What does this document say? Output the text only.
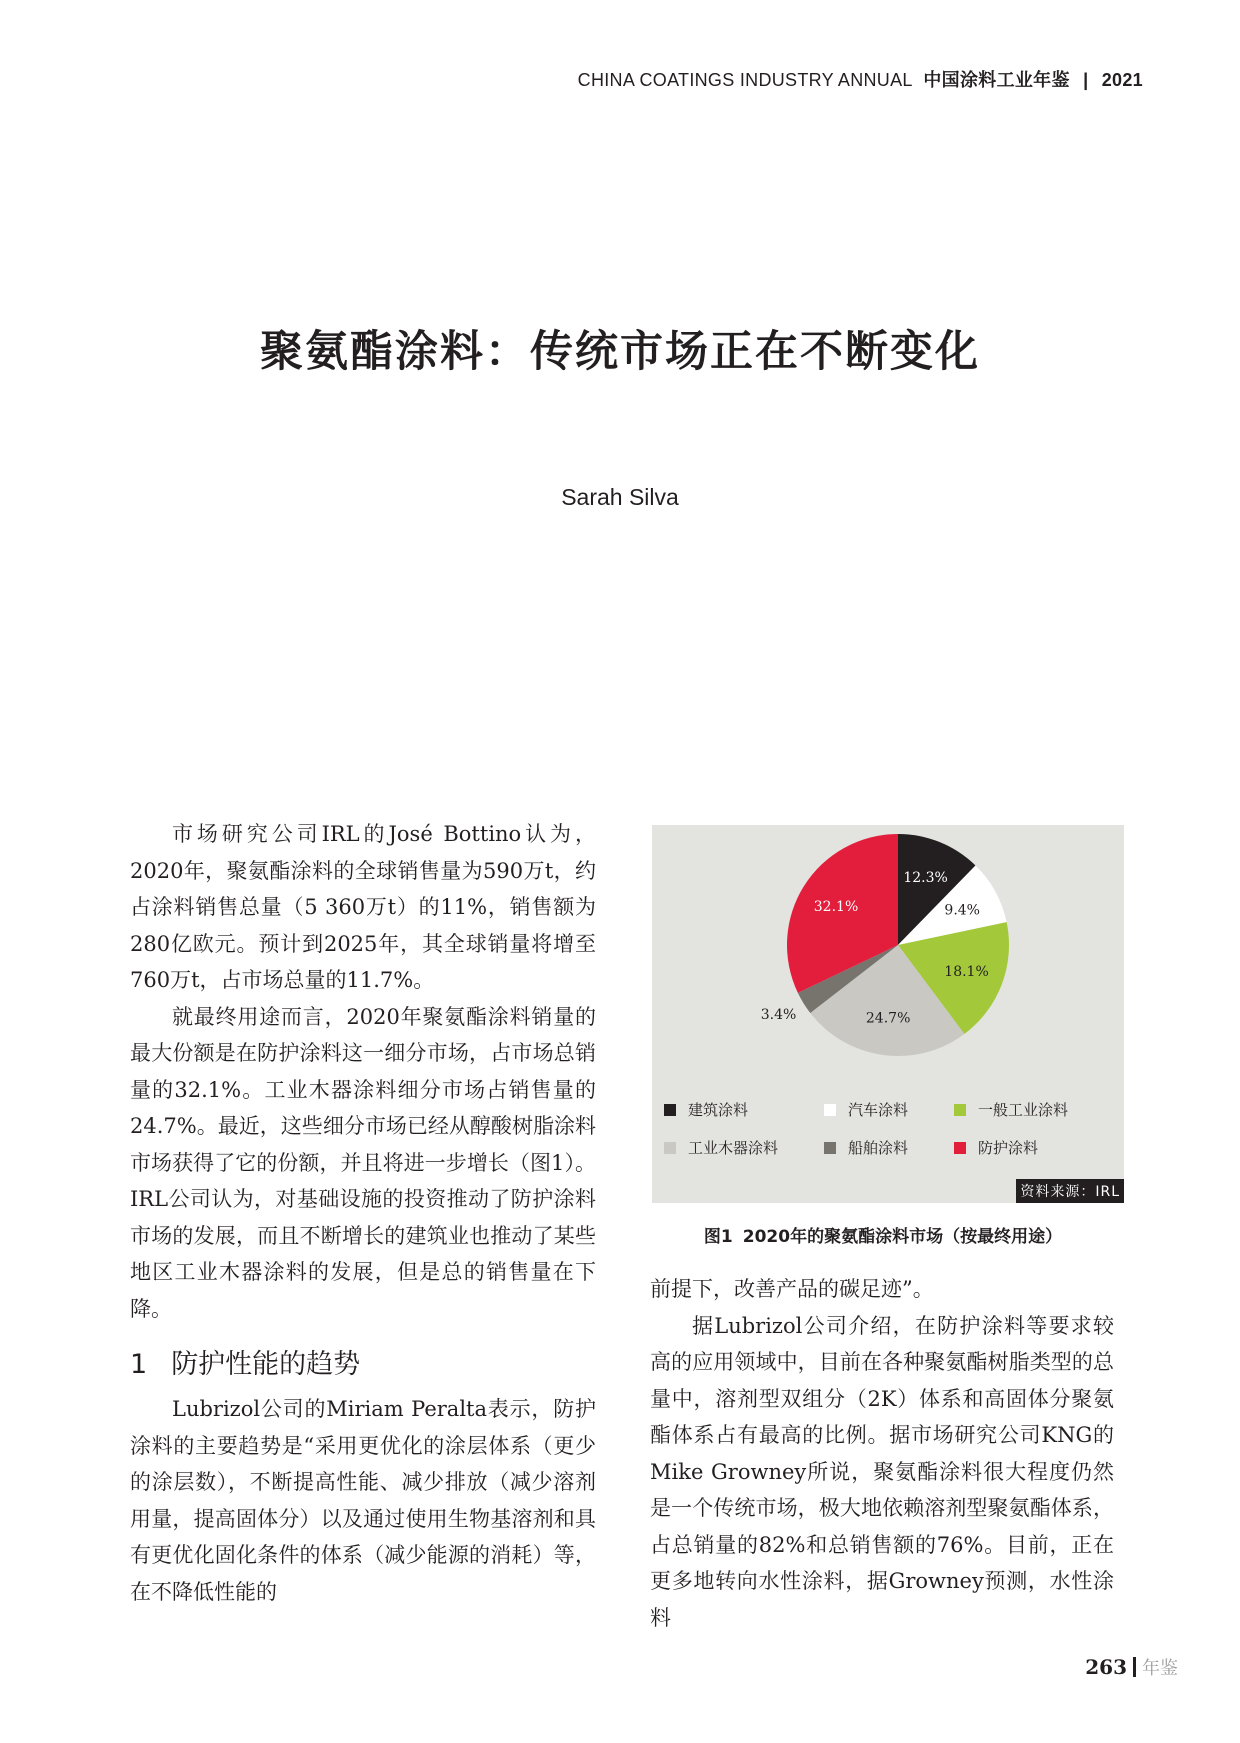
CHINA COATINGS INDUSTRY ANNUAL 中国涂料工业年鉴 | 2021
聚氨酯涂料：传统市场正在不断变化
Sarah Silva

市场研究公司IRL的José Bottino认为，2020年，聚氨酯涂料的全球销售量为590万t，约占涂料销售总量（5 360万t）的11%，销售额为280亿欧元。预计到2025年，其全球销量将增至760万t，占市场总量的11.7%。

就最终用途而言，2020年聚氨酯涂料销量的最大份额是在防护涂料这一细分市场，占市场总销量的32.1%。工业木器涂料细分市场占销售量的24.7%。最近，这些细分市场已经从醇酸树脂涂料市场获得了它的份额，并且将进一步增长（图1）。IRL公司认为，对基础设施的投资推动了防护涂料市场的发展，而且不断增长的建筑业也推动了某些地区工业木器涂料的发展，但是总的销售量在下降。

1 防护性能的趋势

Lubrizol公司的Miriam Peralta表示，防护涂料的主要趋势是“采用更优化的涂层体系（更少的涂层数），不断提高性能、减少排放（减少溶剂用量，提高固体分）以及通过使用生物基溶剂和具有更优化固化条件的体系（减少能源的消耗）等，在不降低性能的

12.3%
9.4%
18.1%
24.7%
3.4%
32.1%
建筑涂料	汽车涂料	一般工业涂料
工业木器涂料	船舶涂料	防护涂料
资料来源：IRL
图1 2020年的聚氨酯涂料市场（按最终用途）

前提下，改善产品的碳足迹”。

据Lubrizol公司介绍，在防护涂料等要求较高的应用领域中，目前在各种聚氨酯树脂类型的总量中，溶剂型双组分（2K）体系和高固体分聚氨酯体系占有最高的比例。据市场研究公司KNG的Mike Growney所说，聚氨酯涂料很大程度仍然是一个传统市场，极大地依赖溶剂型聚氨酯体系，占总销量的82%和总销售额的76%。目前，正在更多地转向水性涂料，据Growney预测，水性涂料

263 年鉴
